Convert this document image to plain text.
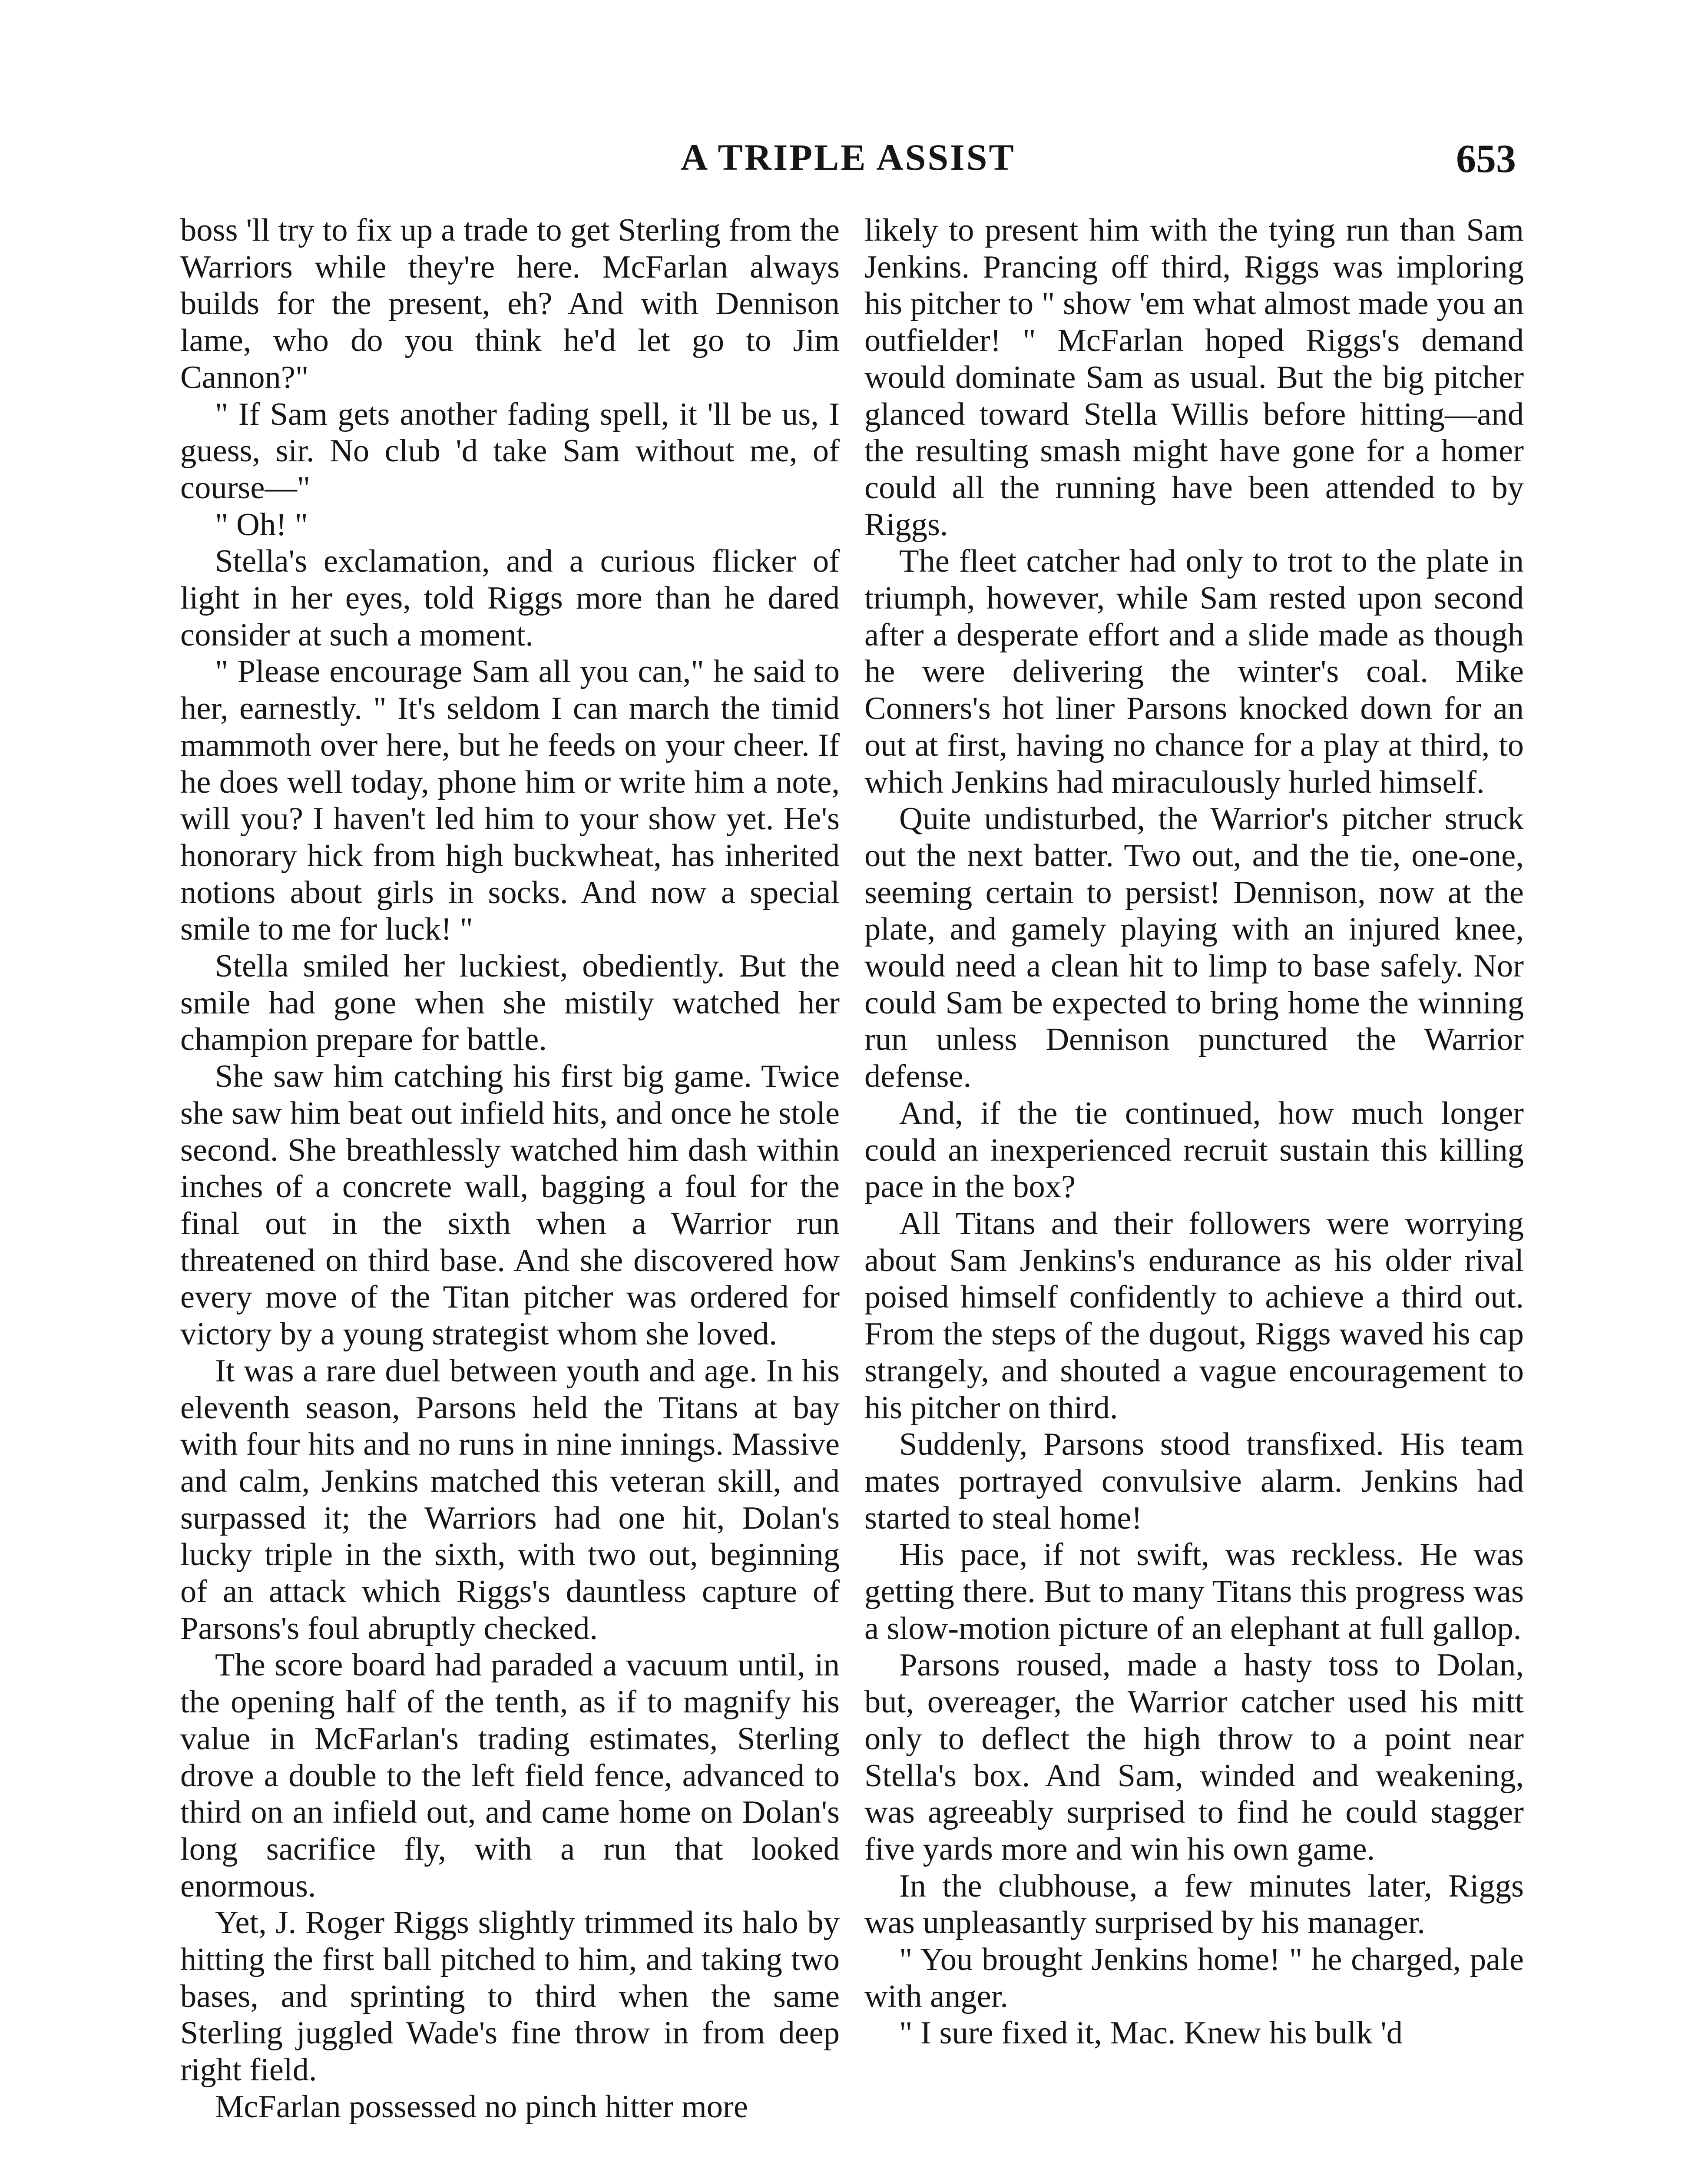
A TRIPLE ASSIST	653

boss 'll try to fix up a trade to get Sterling from the Warriors while they're here. McFarlan always builds for the present, eh? And with Dennison lame, who do you think he'd let go to Jim Cannon?"

" If Sam gets another fading spell, it 'll be us, I guess, sir. No club 'd take Sam without me, of course—"

" Oh! "

Stella's exclamation, and a curious flicker of light in her eyes, told Riggs more than he dared consider at such a moment.

" Please encourage Sam all you can," he said to her, earnestly. " It's seldom I can march the timid mammoth over here, but he feeds on your cheer. If he does well today, phone him or write him a note, will you? I haven't led him to your show yet. He's honorary hick from high buckwheat, has inherited notions about girls in socks. And now a special smile to me for luck! "

Stella smiled her luckiest, obediently. But the smile had gone when she mistily watched her champion prepare for battle.

She saw him catching his first big game. Twice she saw him beat out infield hits, and once he stole second. She breathlessly watched him dash within inches of a concrete wall, bagging a foul for the final out in the sixth when a Warrior run threatened on third base. And she discovered how every move of the Titan pitcher was ordered for victory by a young strategist whom she loved.

It was a rare duel between youth and age. In his eleventh season, Parsons held the Titans at bay with four hits and no runs in nine innings. Massive and calm, Jenkins matched this veteran skill, and surpassed it; the Warriors had one hit, Dolan's lucky triple in the sixth, with two out, beginning of an attack which Riggs's dauntless capture of Parsons's foul abruptly checked.

The score board had paraded a vacuum until, in the opening half of the tenth, as if to magnify his value in McFarlan's trading estimates, Sterling drove a double to the left field fence, advanced to third on an infield out, and came home on Dolan's long sacrifice fly, with a run that looked enormous.

Yet, J. Roger Riggs slightly trimmed its halo by hitting the first ball pitched to him, and taking two bases, and sprinting to third when the same Sterling juggled Wade's fine throw in from deep right field.

McFarlan possessed no pinch hitter more

likely to present him with the tying run than Sam Jenkins. Prancing off third, Riggs was imploring his pitcher to " show 'em what almost made you an outfielder! " McFarlan hoped Riggs's demand would dominate Sam as usual. But the big pitcher glanced toward Stella Willis before hitting—and the resulting smash might have gone for a homer could all the running have been attended to by Riggs.

The fleet catcher had only to trot to the plate in triumph, however, while Sam rested upon second after a desperate effort and a slide made as though he were delivering the winter's coal. Mike Conners's hot liner Parsons knocked down for an out at first, having no chance for a play at third, to which Jenkins had miraculously hurled himself.

Quite undisturbed, the Warrior's pitcher struck out the next batter. Two out, and the tie, one-one, seeming certain to persist! Dennison, now at the plate, and gamely playing with an injured knee, would need a clean hit to limp to base safely. Nor could Sam be expected to bring home the winning run unless Dennison punctured the Warrior defense.

And, if the tie continued, how much longer could an inexperienced recruit sustain this killing pace in the box?

All Titans and their followers were worrying about Sam Jenkins's endurance as his older rival poised himself confidently to achieve a third out. From the steps of the dugout, Riggs waved his cap strangely, and shouted a vague encouragement to his pitcher on third.

Suddenly, Parsons stood transfixed. His team mates portrayed convulsive alarm. Jenkins had started to steal home!

His pace, if not swift, was reckless. He was getting there. But to many Titans this progress was a slow-motion picture of an elephant at full gallop.

Parsons roused, made a hasty toss to Dolan, but, overeager, the Warrior catcher used his mitt only to deflect the high throw to a point near Stella's box. And Sam, winded and weakening, was agreeably surprised to find he could stagger five yards more and win his own game.

In the clubhouse, a few minutes later, Riggs was unpleasantly surprised by his manager.

" You brought Jenkins home! " he charged, pale with anger.

" I sure fixed it, Mac. Knew his bulk 'd
